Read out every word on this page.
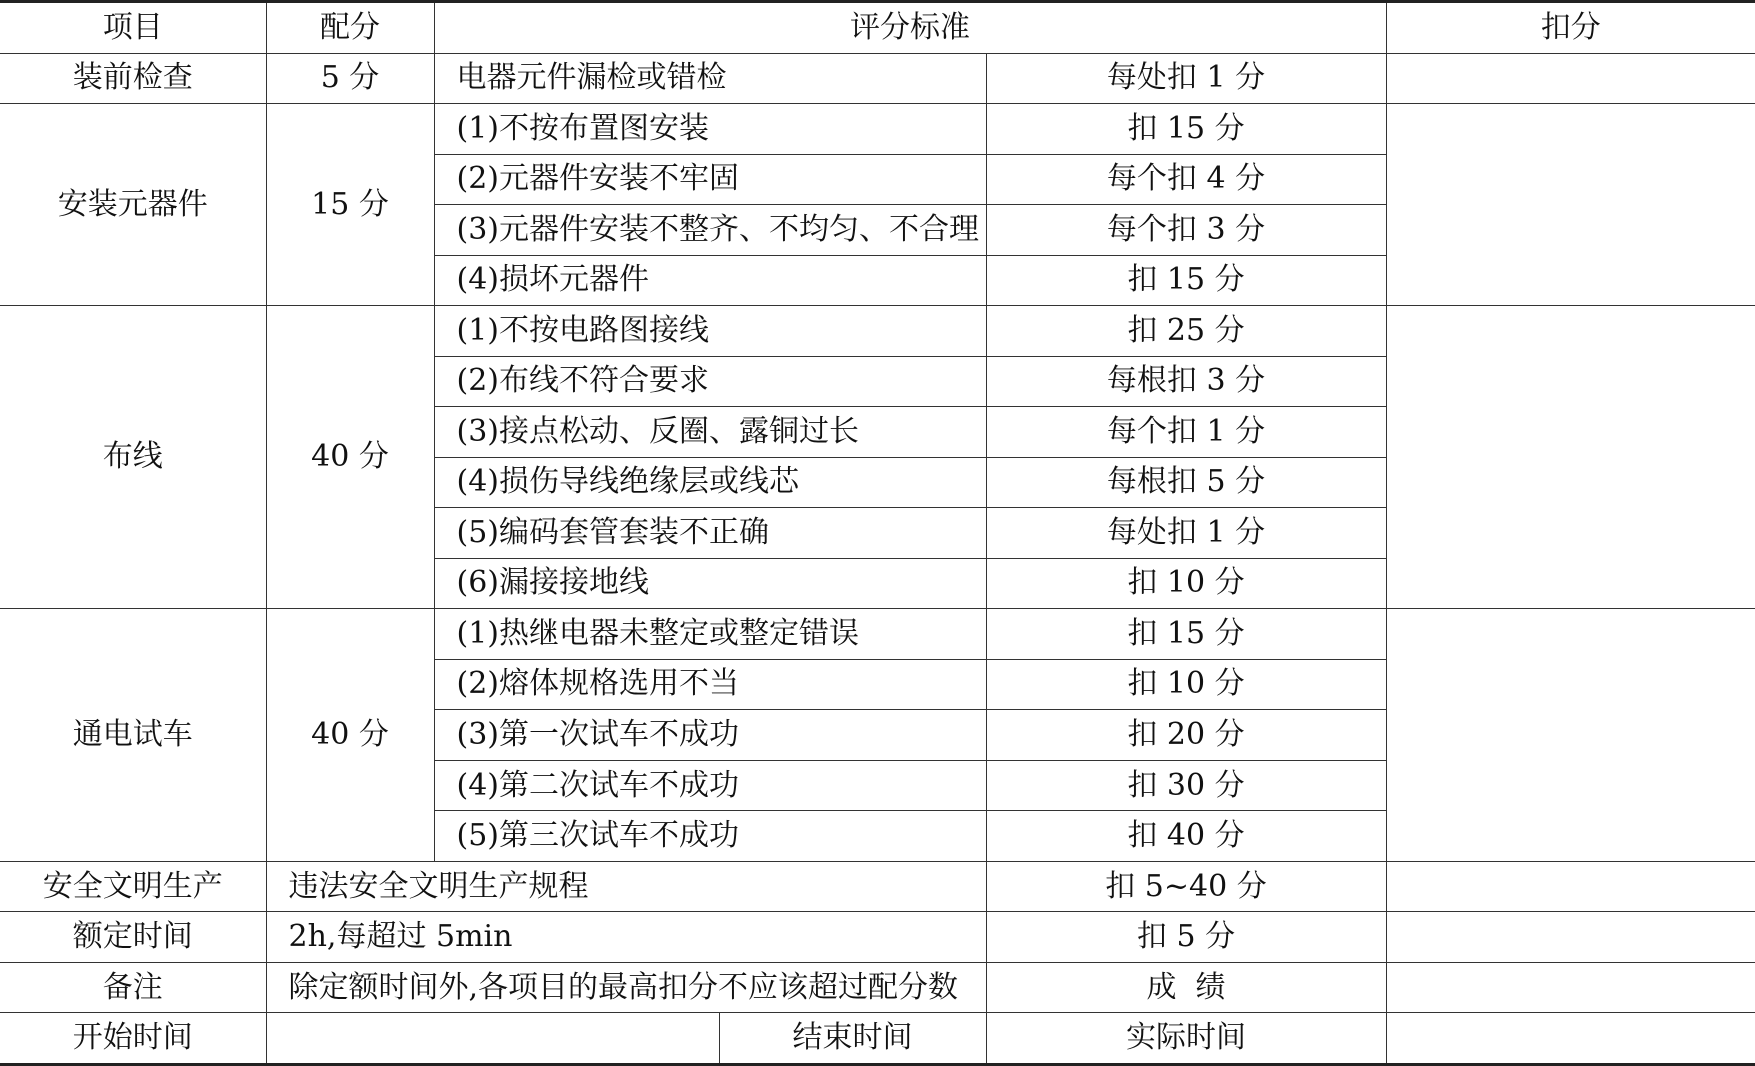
项目	配分	评分标准			扣分
装前检查	5 分	电器元件漏检或错检		每处扣 1 分	
安装元器件	15 分	(1)不按布置图安装		扣 15 分	
		(2)元器件安装不牢固		每个扣 4 分	
		(3)元器件安装不整齐、不均匀、不合理		每个扣 3 分	
		(4)损坏元器件		扣 15 分	
布线	40 分	(1)不按电路图接线		扣 25 分	
		(2)布线不符合要求		每根扣 3 分	
		(3)接点松动、反圈、露铜过长		每个扣 1 分	
		(4)损伤导线绝缘层或线芯		每根扣 5 分	
		(5)编码套管套装不正确		每处扣 1 分	
		(6)漏接接地线		扣 10 分	
通电试车	40 分	(1)热继电器未整定或整定错误		扣 15 分	
		(2)熔体规格选用不当		扣 10 分	
		(3)第一次试车不成功		扣 20 分	
		(4)第二次试车不成功		扣 30 分	
		(5)第三次试车不成功		扣 40 分	
安全文明生产	违法安全文明生产规程			扣 5~40 分	
额定时间	2h,每超过 5min			扣 5 分	
备注	除定额时间外,各项目的最高扣分不应该超过配分数			成  绩	
开始时间			结束时间	实际时间	
